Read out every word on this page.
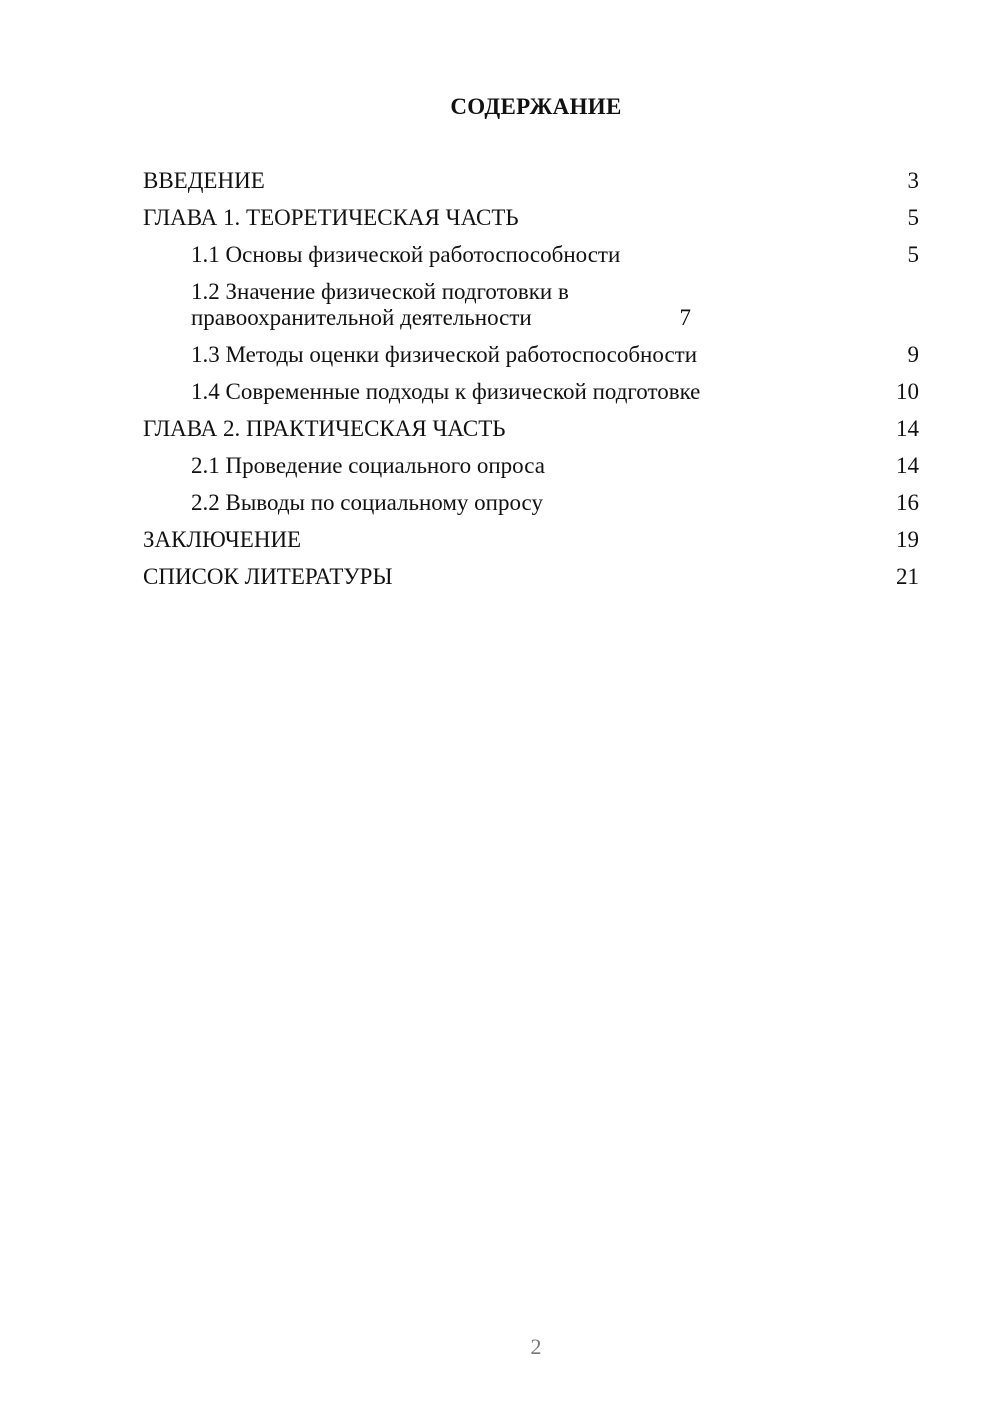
СОДЕРЖАНИЕ
ВВЕДЕНИЕ	3
ГЛАВА 1. ТЕОРЕТИЧЕСКАЯ ЧАСТЬ	5
1.1 Основы физической работоспособности	5
1.2 Значение физической подготовки в правоохранительной деятельности	7
1.3 Методы оценки физической работоспособности	9
1.4 Современные подходы к физической подготовке	10
ГЛАВА 2. ПРАКТИЧЕСКАЯ ЧАСТЬ	14
2.1 Проведение социального опроса	14
2.2 Выводы по социальному опросу	16
ЗАКЛЮЧЕНИЕ	19
СПИСОК ЛИТЕРАТУРЫ	21
2
